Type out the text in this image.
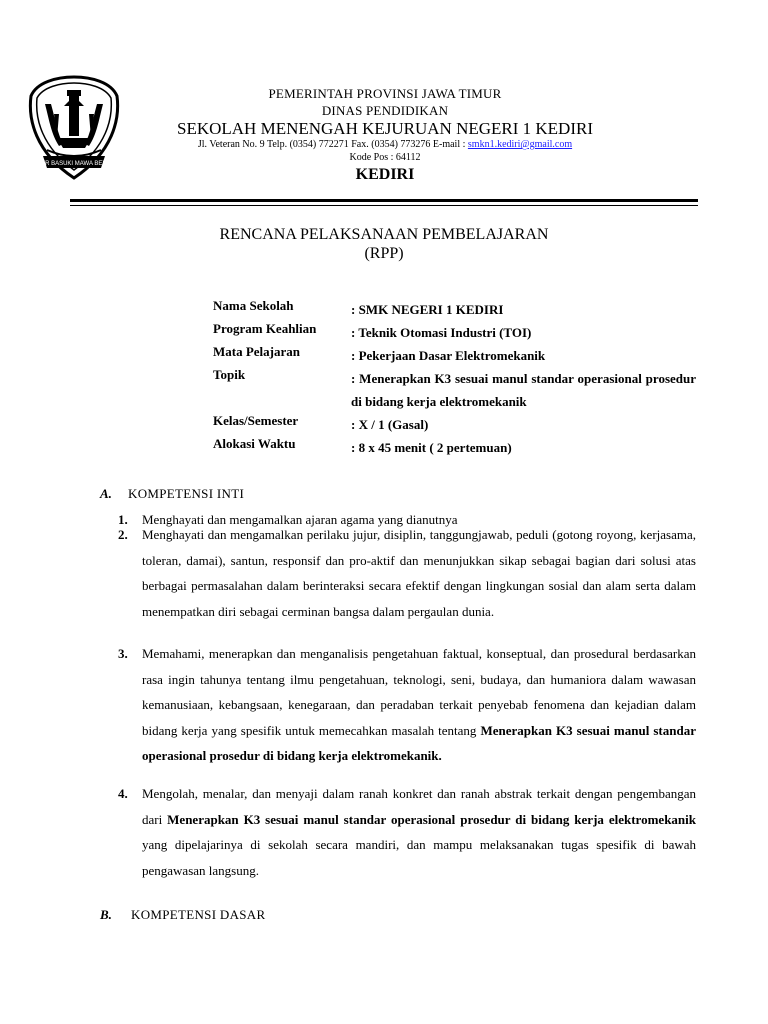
JER BASUKI MAWA BEYA
PEMERINTAH PROVINSI JAWA TIMUR
DINAS PENDIDIKAN
SEKOLAH MENENGAH KEJURUAN NEGERI 1 KEDIRI
Jl. Veteran No. 9 Telp. (0354) 772271 Fax. (0354) 773276 E-mail : smkn1.kediri@gmail.com
Kode Pos : 64112
KEDIRI
RENCANA PELAKSANAAN PEMBELAJARAN
(RPP)
Nama Sekolah	: SMK NEGERI 1 KEDIRI
Program Keahlian	: Teknik Otomasi Industri (TOI)
Mata Pelajaran	: Pekerjaan Dasar Elektromekanik
Topik	: Menerapkan K3 sesuai manul standar operasional prosedur di bidang kerja elektromekanik
Kelas/Semester	: X / 1 (Gasal)
Alokasi Waktu	: 8 x 45 menit ( 2 pertemuan)
A. KOMPETENSI INTI
1. Menghayati dan mengamalkan ajaran agama yang dianutnya
2. Menghayati dan mengamalkan perilaku jujur, disiplin, tanggungjawab, peduli (gotong royong, kerjasama, toleran, damai), santun, responsif dan pro-aktif dan menunjukkan sikap sebagai bagian dari solusi atas berbagai permasalahan dalam berinteraksi secara efektif dengan lingkungan sosial dan alam serta dalam menempatkan diri sebagai cerminan bangsa dalam pergaulan dunia.
3. Memahami, menerapkan dan menganalisis pengetahuan faktual, konseptual, dan prosedural berdasarkan rasa ingin tahunya tentang ilmu pengetahuan, teknologi, seni, budaya, dan humaniora dalam wawasan kemanusiaan, kebangsaan, kenegaraan, dan peradaban terkait penyebab fenomena dan kejadian dalam bidang kerja yang spesifik untuk memecahkan masalah tentang Menerapkan K3 sesuai manul standar operasional prosedur di bidang kerja elektromekanik.
4. Mengolah, menalar, dan menyaji dalam ranah konkret dan ranah abstrak terkait dengan pengembangan dari Menerapkan K3 sesuai manul standar operasional prosedur di bidang kerja elektromekanik yang dipelajarinya di sekolah secara mandiri, dan mampu melaksanakan tugas spesifik di bawah pengawasan langsung.
B. KOMPETENSI DASAR
